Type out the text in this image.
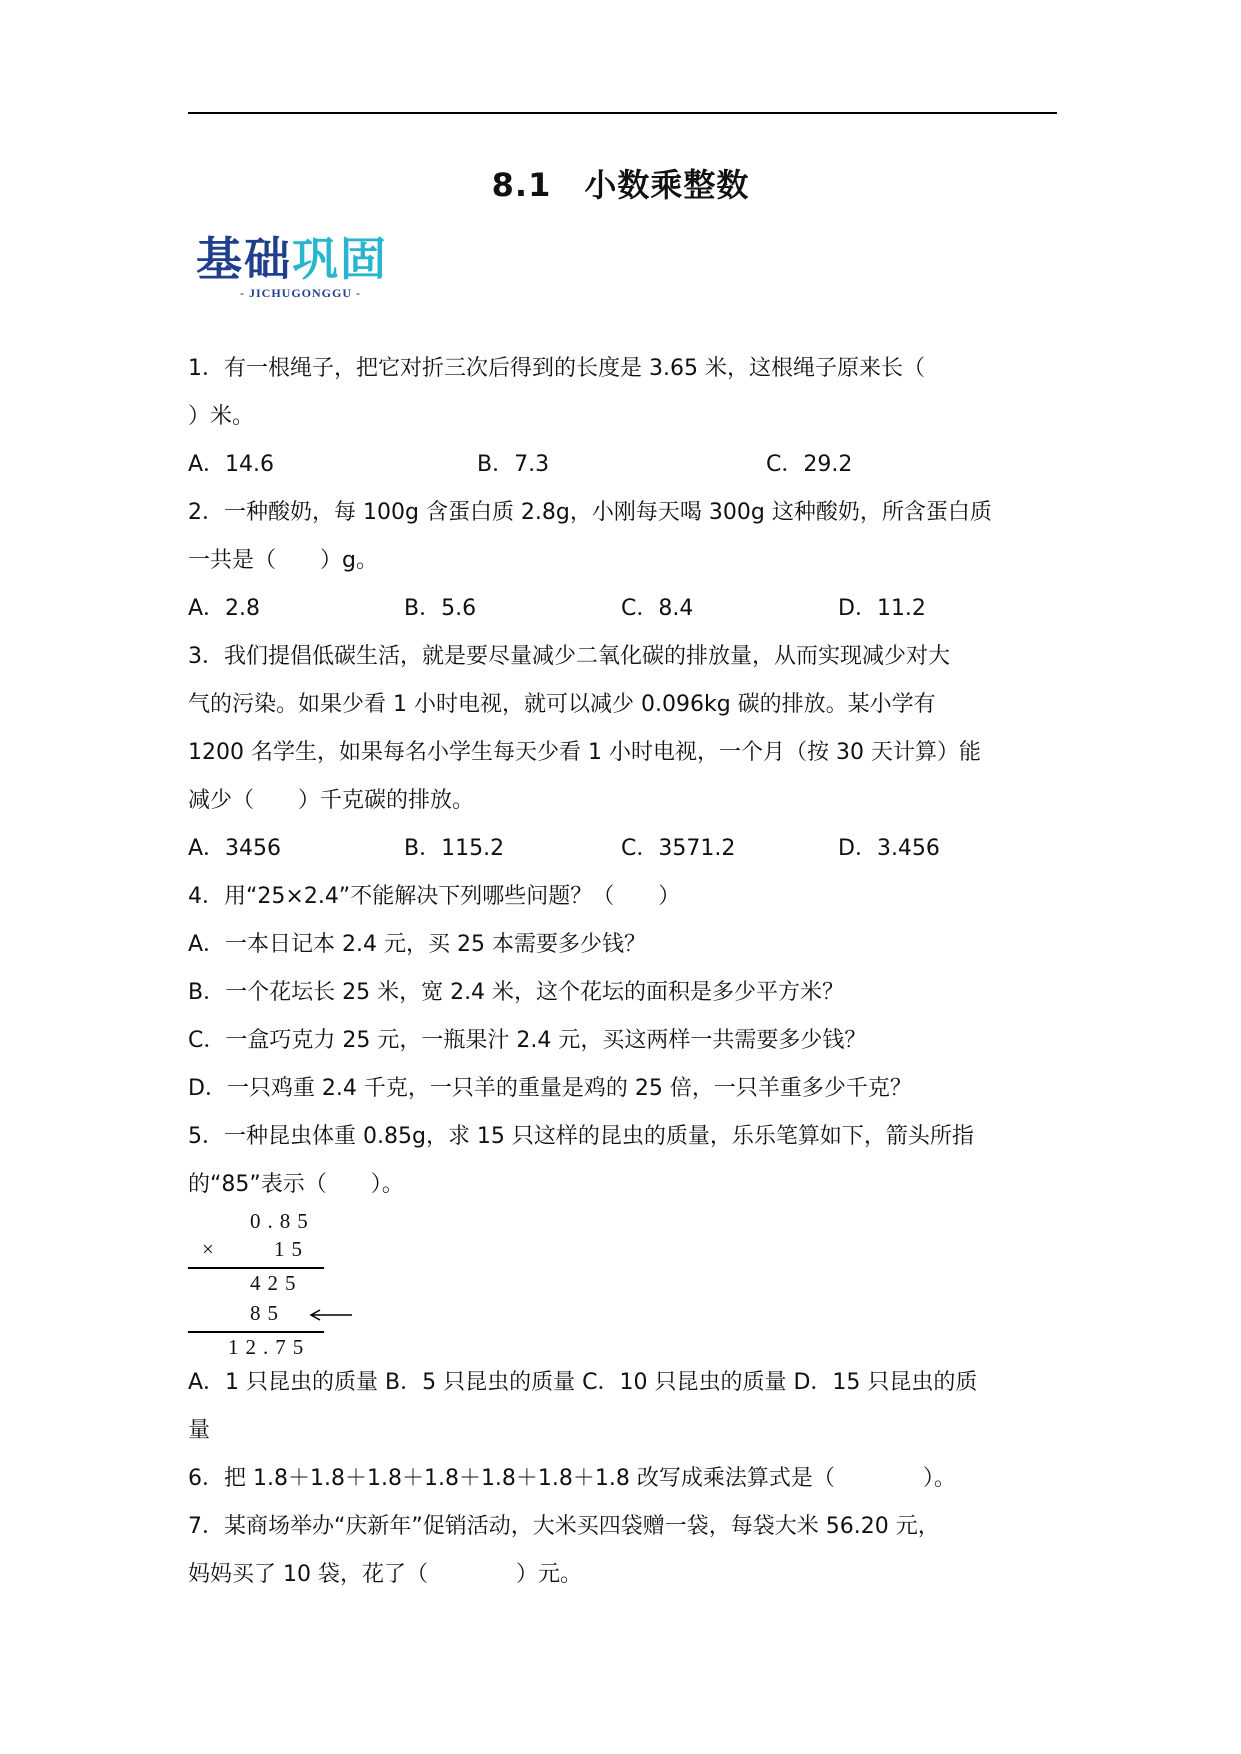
8.1　小数乘整数
基础巩固
- JICHUGONGGU -
1．有一根绳子，把它对折三次后得到的长度是 3.65 米，这根绳子原来长（
）米。
A．14.6	B．7.3	C．29.2
2．一种酸奶，每 100g 含蛋白质 2.8g，小刚每天喝 300g 这种酸奶，所含蛋白质
一共是（　　）g。
A．2.8	B．5.6	C．8.4	D．11.2
3．我们提倡低碳生活，就是要尽量减少二氧化碳的排放量，从而实现减少对大
气的污染。如果少看 1 小时电视，就可以减少 0.096kg 碳的排放。某小学有
1200 名学生，如果每名小学生每天少看 1 小时电视，一个月（按 30 天计算）能
减少（　　）千克碳的排放。
A．3456	B．115.2	C．3571.2	D．3.456
4．用“25×2.4”不能解决下列哪些问题？（　　）
A．一本日记本 2.4 元，买 25 本需要多少钱？
B．一个花坛长 25 米，宽 2.4 米，这个花坛的面积是多少平方米？
C．一盒巧克力 25 元，一瓶果汁 2.4 元，买这两样一共需要多少钱？
D．一只鸡重 2.4 千克，一只羊的重量是鸡的 25 倍，一只羊重多少千克？
5．一种昆虫体重 0.85g，求 15 只这样的昆虫的质量，乐乐笔算如下，箭头所指
的“85”表示（　　）。
0.85
×	15
425
85
12.75
A．1 只昆虫的质量 B．5 只昆虫的质量 C．10 只昆虫的质量 D．15 只昆虫的质
量
6．把 1.8＋1.8＋1.8＋1.8＋1.8＋1.8＋1.8 改写成乘法算式是（　　　　）。
7．某商场举办“庆新年”促销活动，大米买四袋赠一袋，每袋大米 56.20 元，
妈妈买了 10 袋，花了（　　　　）元。
